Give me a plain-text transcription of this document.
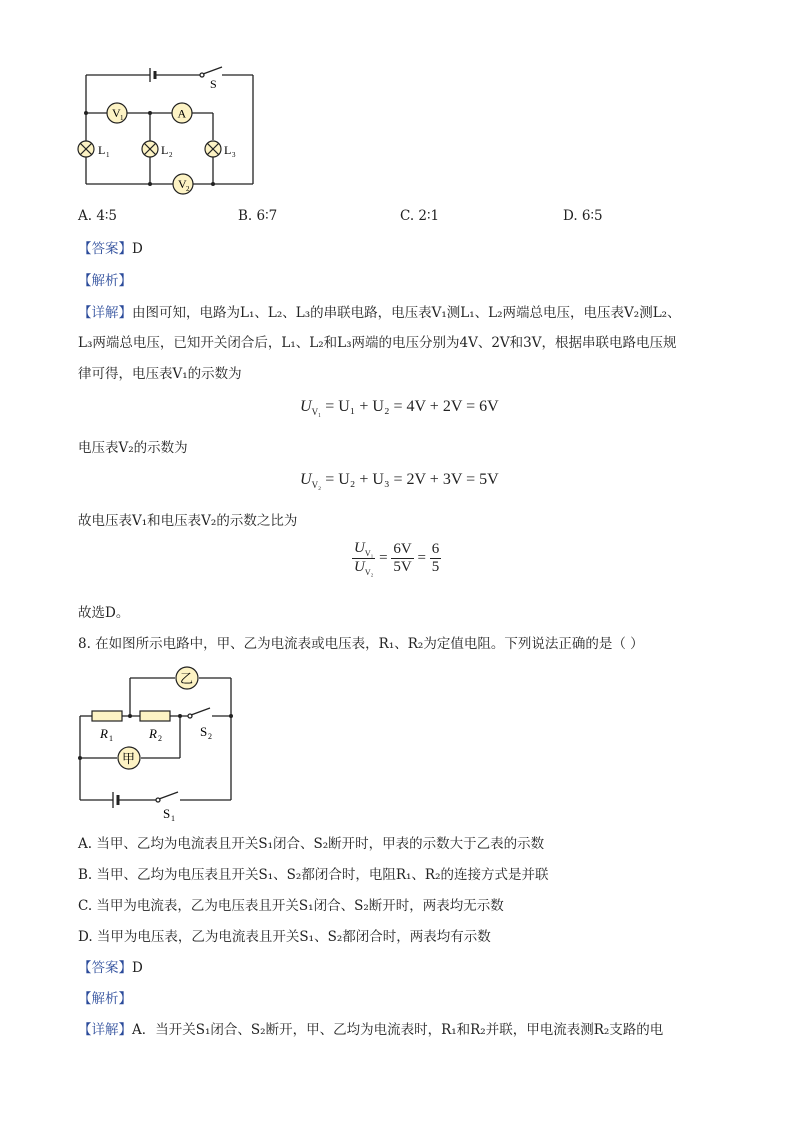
V 1	A
V 2
L 1	L 2	L 3
S
A. 4∶5	B. 6∶7	C. 2∶1	D. 6∶5
【答案】D
【解析】
【详解】由图可知，电路为L₁、L₂、L₃的串联电路，电压表V₁测L₁、L₂两端总电压，电压表V₂测L₂、
L₃两端总电压，已知开关闭合后，L₁、L₂和L₃两端的电压分别为4V、2V和3V，根据串联电路电压规
律可得，电压表V₁的示数为
$U_{V_1} = U_1 + U_2 = 4V + 2V = 6V$
电压表V₂的示数为
$U_{V_2} = U_2 + U_3 = 2V + 3V = 5V$
故电压表V₁和电压表V₂的示数之比为
$\frac{U_{V_1}}{U_{V_2}} = \frac{6V}{5V} = \frac{6}{5}$
故选D。
8. 在如图所示电路中，甲、乙为电流表或电压表，R₁、R₂为定值电阻。下列说法正确的是（ ）
乙
甲
R	R
1	2	S 2
S 1
A. 当甲、乙均为电流表且开关S₁闭合、S₂断开时，甲表的示数大于乙表的示数
B. 当甲、乙均为电压表且开关S₁、S₂都闭合时，电阻R₁、R₂的连接方式是并联
C. 当甲为电流表，乙为电压表且开关S₁闭合、S₂断开时，两表均无示数
D. 当甲为电压表，乙为电流表且开关S₁、S₂都闭合时，两表均有示数
【答案】D
【解析】
【详解】A．当开关S₁闭合、S₂断开，甲、乙均为电流表时，R₁和R₂并联，甲电流表测R₂支路的电
